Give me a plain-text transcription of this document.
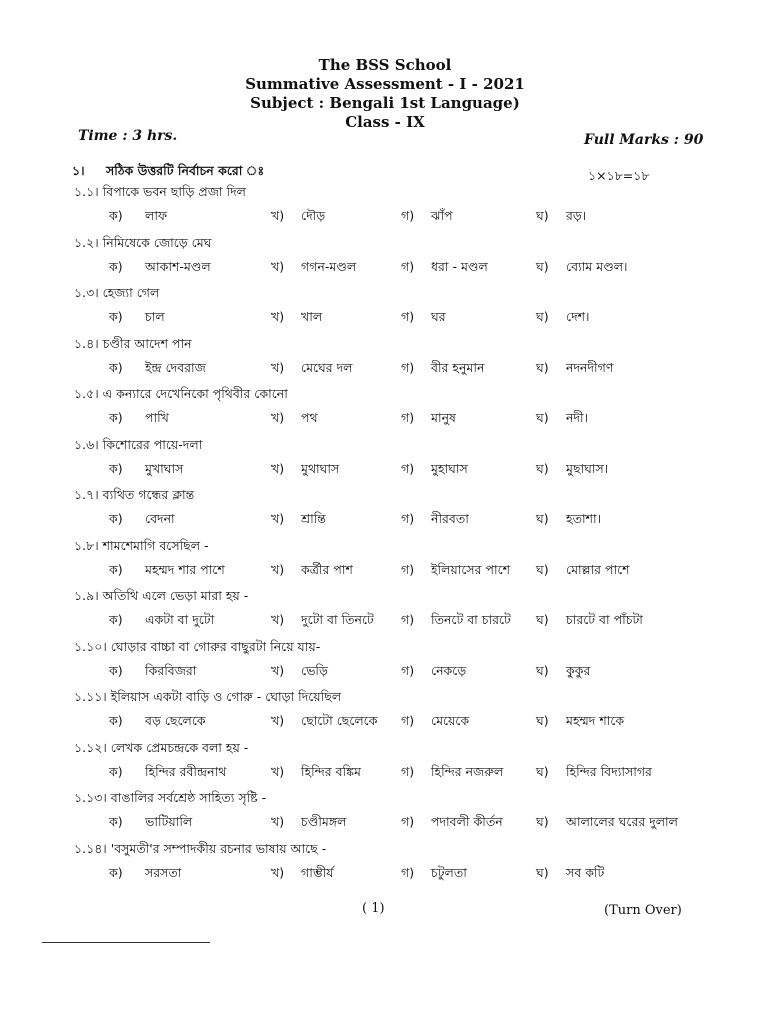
The BSS School
Summative Assessment - I - 2021
Subject : Bengali 1st Language)
Class - IX
Time : 3 hrs.	Full Marks : 90
১। সঠিক উত্তরটি নির্বাচন করো ঃ	১×১৮=১৮
১.১। বিপাকে ভবন ছাড়ি প্রজা দিল
ক) লাফ	খ) দৌড়	গ) ঝাঁপ	ঘ) রড়।
১.২। নিমিষেকে জোড়ে মেঘ
ক) আকাশ-মণ্ডল	খ) গগন-মণ্ডল	গ) ধরা - মণ্ডল	ঘ) ব্যোম মণ্ডল।
১.৩। হেজ্যা গেল
ক) চাল	খ) খাল	গ) ঘর	ঘ) দেশ।
১.৪। চণ্ডীর আদেশ পান
ক) ইন্দ্র দেবরাজ	খ) মেঘের দল	গ) বীর হনুমান	ঘ) নদনদীগণ
১.৫। এ কন্যারে দেখেনিকো পৃথিবীর কোনো
ক) পাখি	খ) পথ	গ) মানুষ	ঘ) নদী।
১.৬। কিশোরের পায়ে-দলা
ক) মুখাঘাস	খ) মুথাঘাস	গ) মুহাঘাস	ঘ) মুছাঘাস।
১.৭। ব্যথিত গন্ধের ক্লান্ত
ক) বেদনা	খ) শ্রান্তি	গ) নীরবতা	ঘ) হতাশা।
১.৮। শামশেমাগি বসেছিল -
ক) মহম্মদ শার পাশে	খ) কর্ত্রীর পাশ	গ) ইলিয়াসের পাশে ঘ) মোল্লার পাশে
১.৯। অতিথি এলে ভেড়া মারা হয় -
ক) একটা বা দুটো	খ) দুটো বা তিনটে গ) তিনটে বা চারটে ঘ) চারটে বা পাঁচটা
১.১০। ঘোড়ার বাচ্চা বা গোরুর বাছুরটা নিয়ে যায়-
ক) কিরবিজরা	খ) ভেড়ি	গ) নেকড়ে	ঘ) কুকুর
১.১১। ইলিয়াস একটা বাড়ি ও গোরু - ঘোড়া দিয়েছিল
ক) বড় ছেলেকে	খ) ছোটো ছেলেকে গ) মেয়েকে	ঘ) মহম্মদ শাকে
১.১২। লেখক প্রেমচন্দ্রকে বলা হয় -
ক) হিন্দির রবীন্দ্রনাথ	খ) হিন্দির বঙ্কিম	গ) হিন্দির নজরুল	ঘ) হিন্দির বিদ্যাসাগর
১.১৩। বাঙালির সর্বশ্রেষ্ঠ সাহিত্য সৃষ্টি -
ক) ভাটিয়ালি	খ) চণ্ডীমঙ্গল	গ) পদাবলী কীর্তন	ঘ) আলালের ঘরের দুলাল
১.১৪। 'বসুমতী'র সম্পাদকীয় রচনার ভাষায় আছে -
ক) সরসতা	খ) গাম্ভীর্য	গ) চটুলতা	ঘ) সব কটি
( 1)	(Turn Over)
